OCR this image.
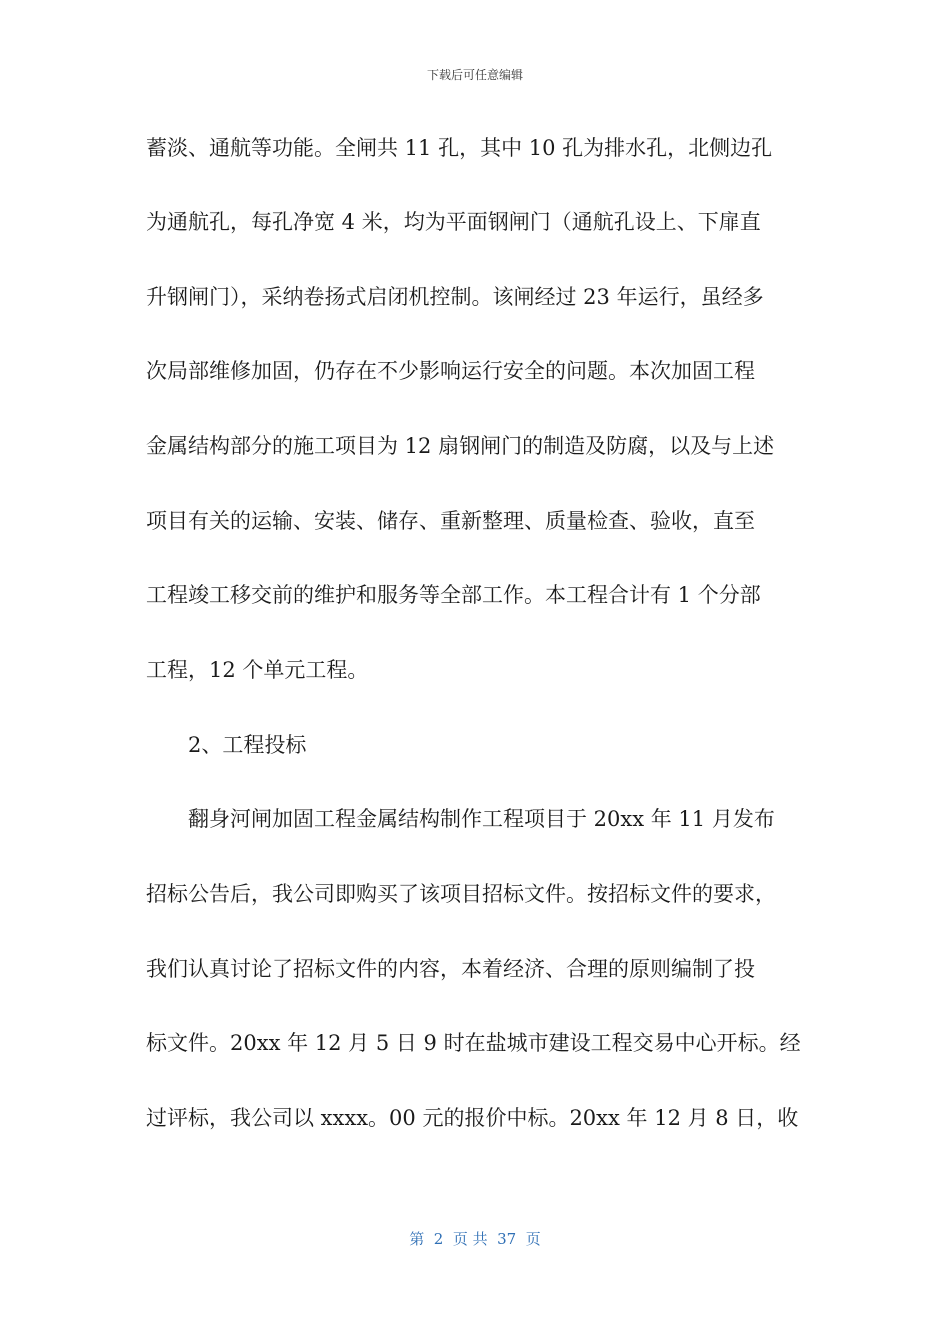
下载后可任意编辑
蓄淡、通航等功能。全闸共 11 孔，其中 10 孔为排水孔，北侧边孔
为通航孔，每孔净宽 4 米，均为平面钢闸门（通航孔设上、下扉直
升钢闸门），采纳卷扬式启闭机控制。该闸经过 23 年运行，虽经多
次局部维修加固，仍存在不少影响运行安全的问题。本次加固工程
金属结构部分的施工项目为 12 扇钢闸门的制造及防腐，以及与上述
项目有关的运输、安装、储存、重新整理、质量检查、验收，直至
工程竣工移交前的维护和服务等全部工作。本工程合计有 1 个分部
工程，12 个单元工程。
2、工程投标
翻身河闸加固工程金属结构制作工程项目于 20xx 年 11 月发布
招标公告后，我公司即购买了该项目招标文件。按招标文件的要求，
我们认真讨论了招标文件的内容，本着经济、合理的原则编制了投
标文件。20xx 年 12 月 5 日 9 时在盐城市建设工程交易中心开标。经
过评标，我公司以 xxxx。00 元的报价中标。20xx 年 12 月 8 日，收
第  2  页 共  37  页
